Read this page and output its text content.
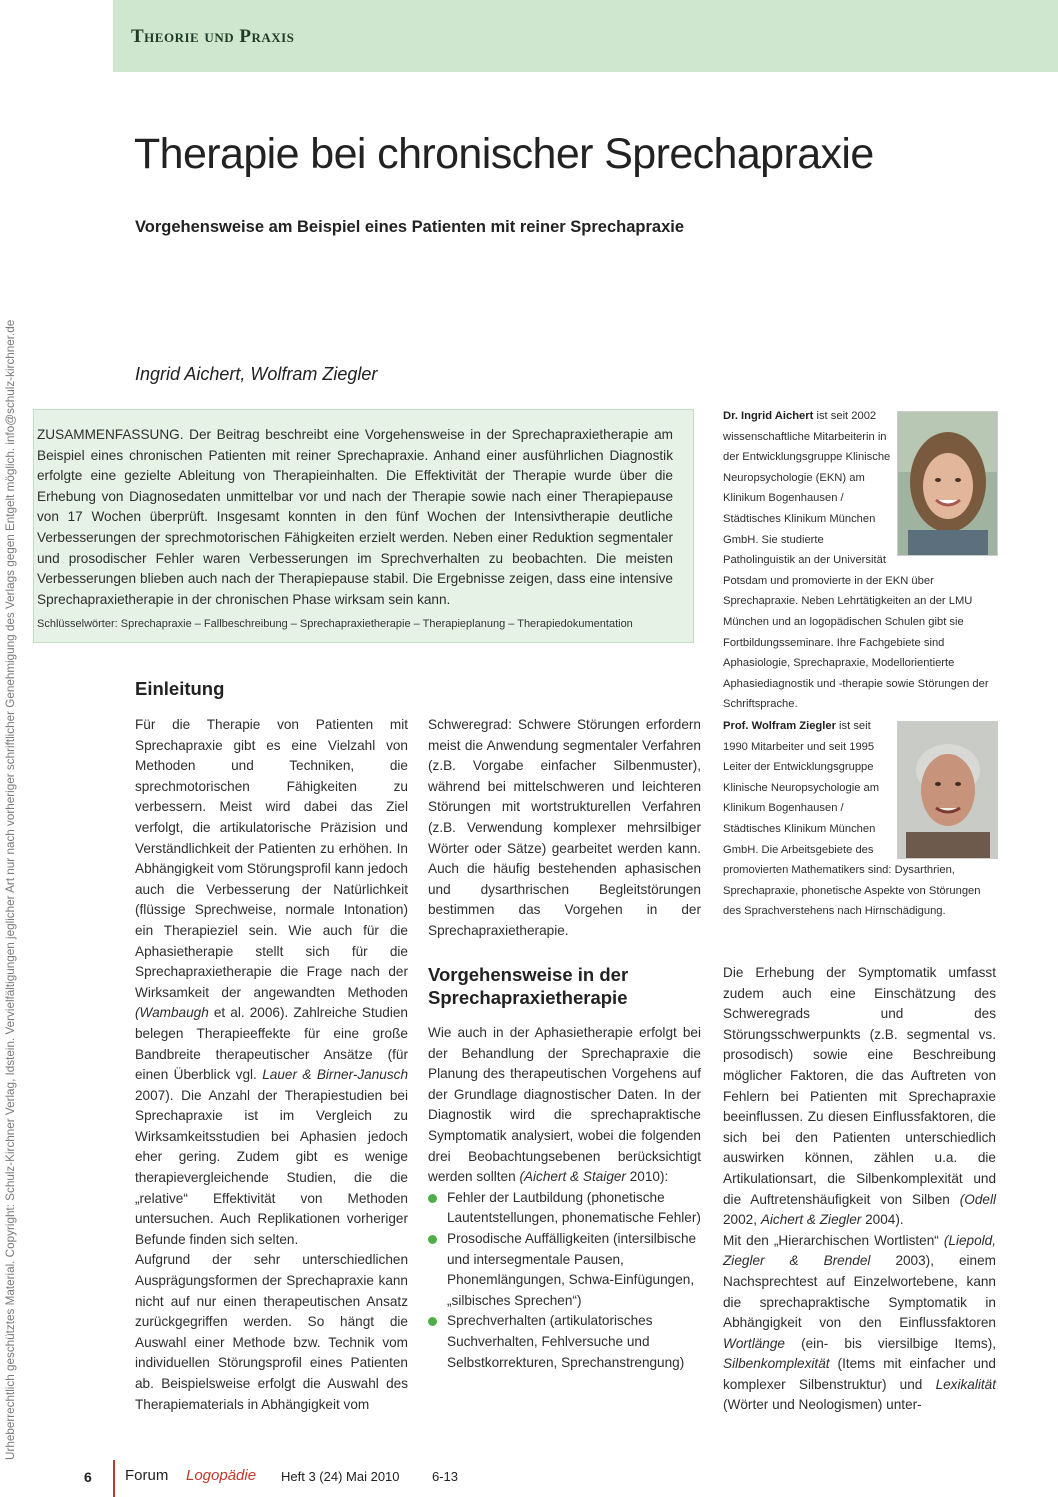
Theorie und Praxis
Urheberrechtlich geschütztes Material. Copyright: Schulz-Kirchner Verlag, Idstein. Vervielfältigungen jeglicher Art nur nach vorheriger schriftlicher Genehmigung des Verlags gegen Entgelt möglich. info@schulz-kirchner.de
Therapie bei chronischer Sprechapraxie
Vorgehensweise am Beispiel eines Patienten mit reiner Sprechapraxie
Ingrid Aichert, Wolfram Ziegler
ZUSAMMENFASSUNG. Der Beitrag beschreibt eine Vorgehensweise in der Sprechapraxietherapie am Beispiel eines chronischen Patienten mit reiner Sprechapraxie. Anhand einer ausführlichen Diagnostik erfolgte eine gezielte Ableitung von Therapieinhalten. Die Effektivität der Therapie wurde über die Erhebung von Diagnosedaten unmittelbar vor und nach der Therapie sowie nach einer Therapiepause von 17 Wochen überprüft. Insgesamt konnten in den fünf Wochen der Intensivtherapie deutliche Verbesserungen der sprechmotorischen Fähigkeiten erzielt werden. Neben einer Reduktion segmentaler und prosodischer Fehler waren Verbesserungen im Sprechverhalten zu beobachten. Die meisten Verbesserungen blieben auch nach der Therapiepause stabil. Die Ergebnisse zeigen, dass eine intensive Sprechapraxietherapie in der chronischen Phase wirksam sein kann.
Schlüsselwörter: Sprechapraxie – Fallbeschreibung – Sprechapraxietherapie – Therapieplanung – Therapiedokumentation
Einleitung

Für die Therapie von Patienten mit Sprechapraxie gibt es eine Vielzahl von Methoden und Techniken, die sprechmotorischen Fähigkeiten zu verbessern. Meist wird dabei das Ziel verfolgt, die artikulatorische Präzision und Verständlichkeit der Patienten zu erhöhen. In Abhängigkeit vom Störungsprofil kann jedoch auch die Verbesserung der Natürlichkeit (flüssige Sprechweise, normale Intonation) ein Therapieziel sein. Wie auch für die Aphasietherapie stellt sich für die Sprechapraxietherapie die Frage nach der Wirksamkeit der angewandten Methoden (Wambaugh et al. 2006). Zahlreiche Studien belegen Therapieeffekte für eine große Bandbreite therapeutischer Ansätze (für einen Überblick vgl. Lauer & Birner-Janusch 2007). Die Anzahl der Therapiestudien bei Sprechapraxie ist im Vergleich zu Wirksamkeitsstudien bei Aphasien jedoch eher gering. Zudem gibt es wenige therapievergleichende Studien, die die „relative“ Effektivität von Methoden untersuchen. Auch Replikationen vorheriger Befunde finden sich selten.

Aufgrund der sehr unterschiedlichen Ausprägungsformen der Sprechapraxie kann nicht auf nur einen therapeutischen Ansatz zurückgegriffen werden. So hängt die Auswahl einer Methode bzw. Technik vom individuellen Störungsprofil eines Patienten ab. Beispielsweise erfolgt die Auswahl des Therapiematerials in Abhängigkeit vom

Schweregrad: Schwere Störungen erfordern meist die Anwendung segmentaler Verfahren (z.B. Vorgabe einfacher Silbenmuster), während bei mittelschweren und leichteren Störungen mit wortstrukturellen Verfahren (z.B. Verwendung komplexer mehrsilbiger Wörter oder Sätze) gearbeitet werden kann. Auch die häufig bestehenden aphasischen und dysarthrischen Begleitstörungen bestimmen das Vorgehen in der Sprechapraxietherapie.

Vorgehensweise in der Sprechapraxietherapie

Wie auch in der Aphasietherapie erfolgt bei der Behandlung der Sprechapraxie die Planung des therapeutischen Vorgehens auf der Grundlage diagnostischer Daten. In der Diagnostik wird die sprechapraktische Symptomatik analysiert, wobei die folgenden drei Beobachtungsebenen berücksichtigt werden sollten (Aichert & Staiger 2010):

Fehler der Lautbildung (phonetische Lautentstellungen, phonematische Fehler)
Prosodische Auffälligkeiten (intersilbische und intersegmentale Pausen, Phonemlängungen, Schwa-Einfügungen, „silbisches Sprechen“)
Sprechverhalten (artikulatorisches Suchverhalten, Fehlversuche und Selbstkorrekturen, Sprechanstrengung)
Dr. Ingrid Aichert ist seit 2002 wissenschaftliche Mitarbeiterin in der Entwicklungsgruppe Klinische Neuropsychologie (EKN) am Klinikum Bogenhausen / Städtisches Klinikum München GmbH. Sie studierte Patholinguistik an der Universität Potsdam und promovierte in der EKN über Sprechapraxie. Neben Lehrtätigkeiten an der LMU München und an logopädischen Schulen gibt sie Fortbildungsseminare. Ihre Fachgebiete sind Aphasiologie, Sprechapraxie, Modellorientierte Aphasiediagnostik und -therapie sowie Störungen der Schriftsprache.
Prof. Wolfram Ziegler ist seit 1990 Mitarbeiter und seit 1995 Leiter der Entwicklungsgruppe Klinische Neuropsychologie am Klinikum Bogenhausen / Städtisches Klinikum München GmbH. Die Arbeitsgebiete des promovierten Mathematikers sind: Dysarthrien, Sprechapraxie, phonetische Aspekte von Störungen des Sprachverstehens nach Hirnschädigung.

Die Erhebung der Symptomatik umfasst zudem auch eine Einschätzung des Schweregrads und des Störungsschwerpunkts (z.B. segmental vs. prosodisch) sowie eine Beschreibung möglicher Faktoren, die das Auftreten von Fehlern bei Patienten mit Sprechapraxie beeinflussen. Zu diesen Einflussfaktoren, die sich bei den Patienten unterschiedlich auswirken können, zählen u.a. die Artikulationsart, die Silbenkomplexität und die Auftretenshäufigkeit von Silben (Odell 2002, Aichert & Ziegler 2004).

Mit den „Hierarchischen Wortlisten“ (Liepold, Ziegler & Brendel 2003), einem Nachsprechtest auf Einzelwortebene, kann die sprechapraktische Symptomatik in Abhängigkeit von den Einflussfaktoren Wortlänge (ein- bis viersilbige Items), Silbenkomplexität (Items mit einfacher und komplexer Silbenstruktur) und Lexikalität (Wörter und Neologismen) unter-

6 Forum Logopädie Heft 3 (24) Mai 2010 6-13
